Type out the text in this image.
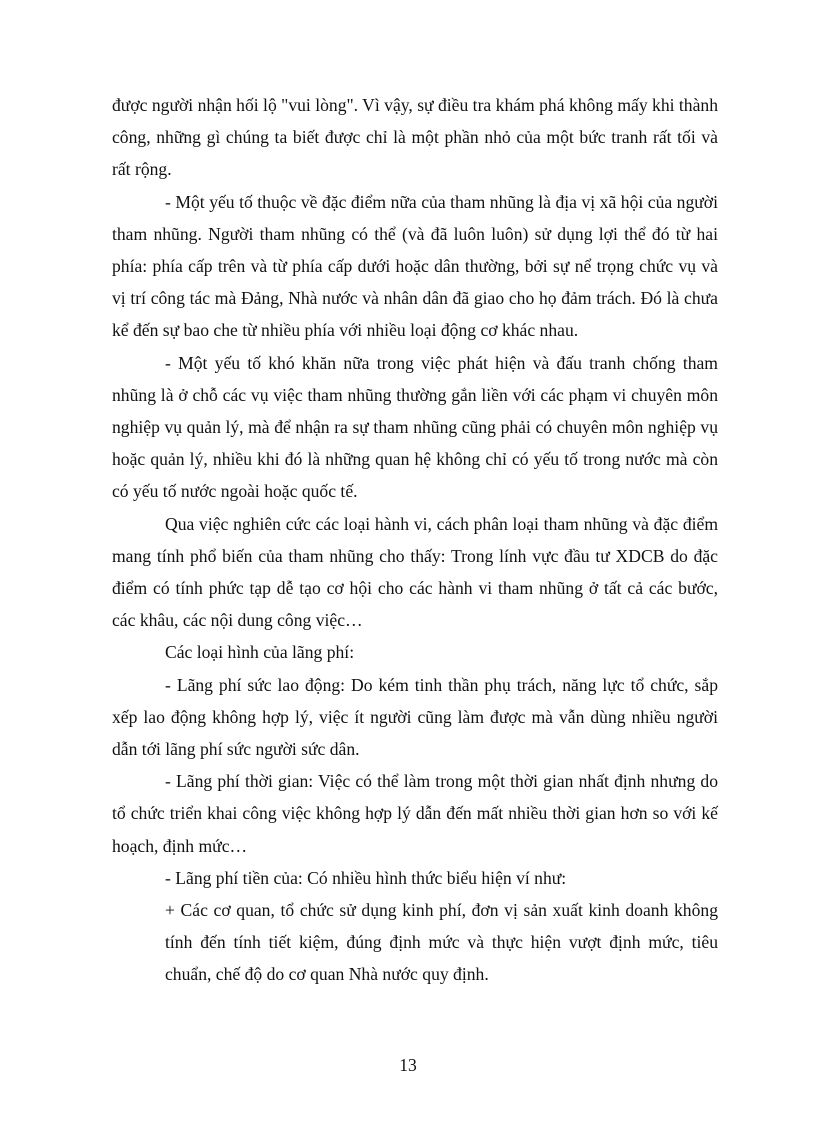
được người nhận hối lộ "vui lòng". Vì vậy, sự điều tra khám phá không mấy khi thành công, những gì chúng ta biết được chỉ là một phần nhỏ của một bức tranh rất tối và rất rộng.

- Một yếu tố thuộc về đặc điểm nữa của tham nhũng là địa vị xã hội của người tham nhũng. Người tham nhũng có thể (và đã luôn luôn) sử dụng lợi thể đó từ hai phía: phía cấp trên và từ phía cấp dưới hoặc dân thường, bởi sự nể trọng chức vụ và vị trí công tác mà Đảng, Nhà nước và nhân dân đã giao cho họ đảm trách. Đó là chưa kể đến sự bao che từ nhiều phía với nhiều loại động cơ khác nhau.

- Một yếu tố khó khăn nữa trong việc phát hiện và đấu tranh chống tham nhũng là ở chỗ các vụ việc tham nhũng thường gắn liền với các phạm vi chuyên môn nghiệp vụ quản lý, mà để nhận ra sự tham nhũng cũng phải có chuyên môn nghiệp vụ hoặc quản lý, nhiều khi đó là những quan hệ không chỉ có yếu tố trong nước mà còn có yếu tố nước ngoài hoặc quốc tế.

Qua việc nghiên cức các loại hành vi, cách phân loại tham nhũng và đặc điểm mang tính phổ biến của tham nhũng cho thấy: Trong lính vực đầu tư XDCB do đặc điểm có tính phức tạp dễ tạo cơ hội cho các hành vi tham nhũng ở tất cả các bước, các khâu, các nội dung công việc…

Các loại hình của lãng phí:

- Lãng phí sức lao động: Do kém tinh thần phụ trách, năng lực tổ chức, sắp xếp lao động không hợp lý, việc ít người cũng làm được mà vẫn dùng nhiều người dẫn tới lãng phí sức người sức dân.

- Lãng phí thời gian: Việc có thể làm trong một thời gian nhất định nhưng do tổ chức triển khai công việc không hợp lý dẫn đến mất nhiều thời gian hơn so với kế hoạch, định mức…

- Lãng phí tiền của: Có nhiều hình thức biểu hiện ví như:

+ Các cơ quan, tổ chức sử dụng kinh phí, đơn vị sản xuất kinh doanh không tính đến tính tiết kiệm, đúng định mức và thực hiện vượt định mức, tiêu chuẩn, chế độ do cơ quan Nhà nước quy định.

13
